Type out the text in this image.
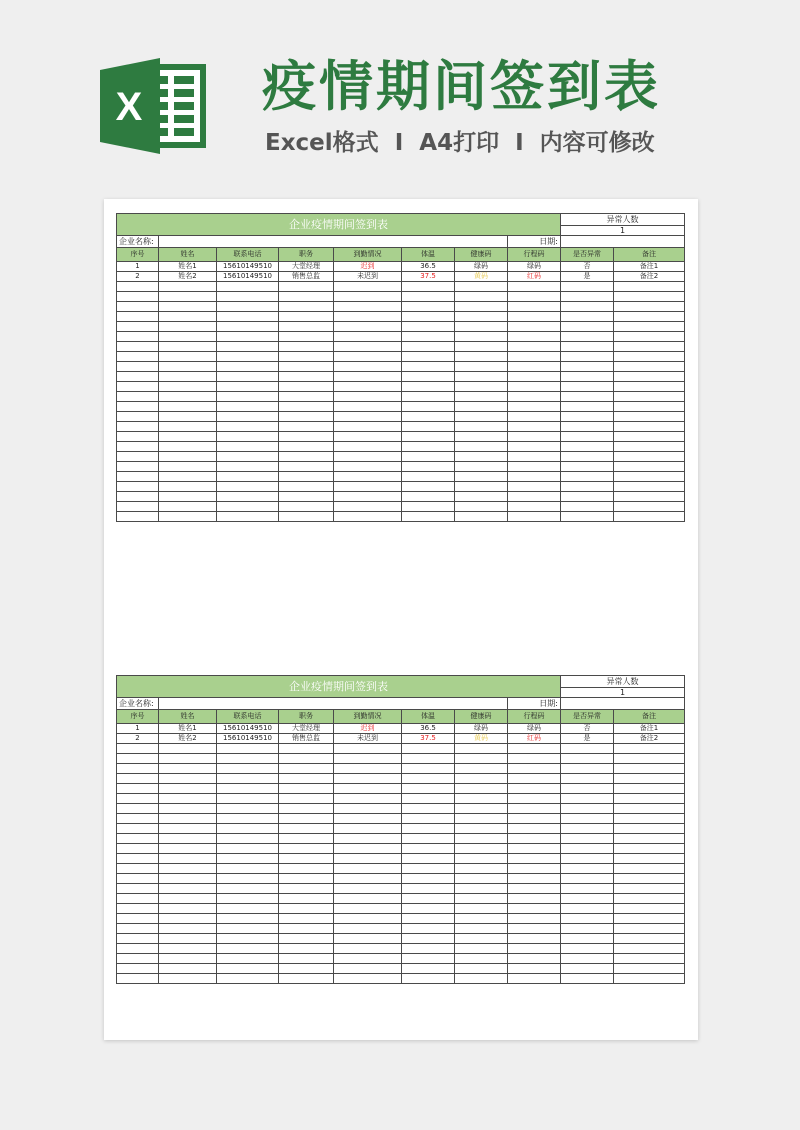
X 疫情期间签到表
Excel格式 I A4打印 I 内容可修改
企业疫情期间签到表								异常人数	
								1	
企业名称:							日期:		
序号	姓名	联系电话	职务	到勤情况	体温	健康码	行程码	是否异常	备注
1	姓名1	15610149510	大堂经理	迟到	36.5	绿码	绿码	否	备注1
2	姓名2	15610149510	销售总监	未迟到	37.5	黄码	红码	是	备注2

企业疫情期间签到表								异常人数	
								1	
企业名称:							日期:		
序号	姓名	联系电话	职务	到勤情况	体温	健康码	行程码	是否异常	备注
1	姓名1	15610149510	大堂经理	迟到	36.5	绿码	绿码	否	备注1
2	姓名2	15610149510	销售总监	未迟到	37.5	黄码	红码	是	备注2
